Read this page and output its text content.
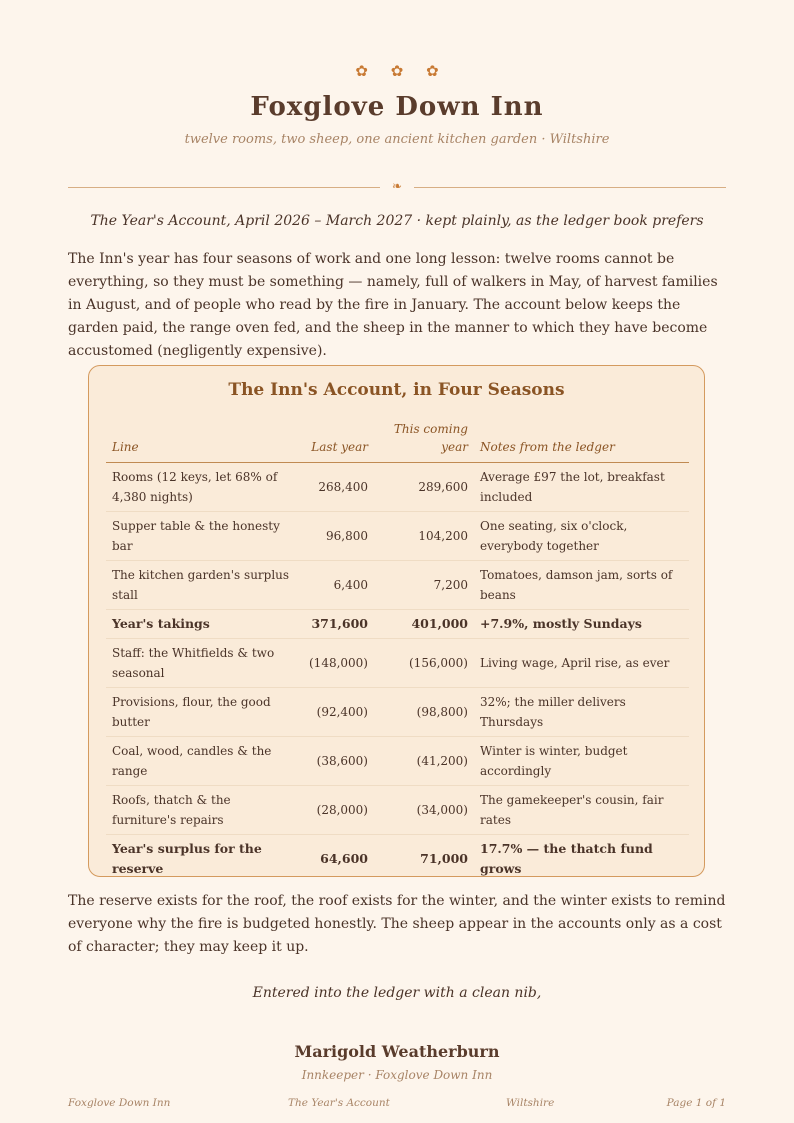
✿ ✿ ✿
Foxglove Down Inn
twelve rooms, two sheep, one ancient kitchen garden · Wiltshire
❧
The Year's Account, April 2026 – March 2027 · kept plainly, as the ledger book prefers

The Inn's year has four seasons of work and one long lesson: twelve rooms cannot be everything, so they must be something — namely, full of walkers in May, of harvest families in August, and of people who read by the fire in January. The account below keeps the garden paid, the range oven fed, and the sheep in the manner to which they have become accustomed (negligently expensive).

The Inn's Account, in Four Seasons
Line	Last year	This coming year	Notes from the ledger
Rooms (12 keys, let 68% of 4,380 nights)	268,400	289,600	Average £97 the lot, breakfast included
Supper table & the honesty bar	96,800	104,200	One seating, six o'clock, everybody together
The kitchen garden's surplus stall	6,400	7,200	Tomatoes, damson jam, sorts of beans
Year's takings	371,600	401,000	+7.9%, mostly Sundays
Staff: the Whitfields & two seasonal	(148,000)	(156,000)	Living wage, April rise, as ever
Provisions, flour, the good butter	(92,400)	(98,800)	32%; the miller delivers Thursdays
Coal, wood, candles & the range	(38,600)	(41,200)	Winter is winter, budget accordingly
Roofs, thatch & the furniture's repairs	(28,000)	(34,000)	The gamekeeper's cousin, fair rates
Year's surplus for the reserve	64,600	71,000	17.7% — the thatch fund grows

The reserve exists for the roof, the roof exists for the winter, and the winter exists to remind everyone why the fire is budgeted honestly. The sheep appear in the accounts only as a cost of character; they may keep it up.

Entered into the ledger with a clean nib,
Marigold Weatherburn
Innkeeper · Foxglove Down Inn
Foxglove Down Inn	The Year's Account	Wiltshire	Page 1 of 1
